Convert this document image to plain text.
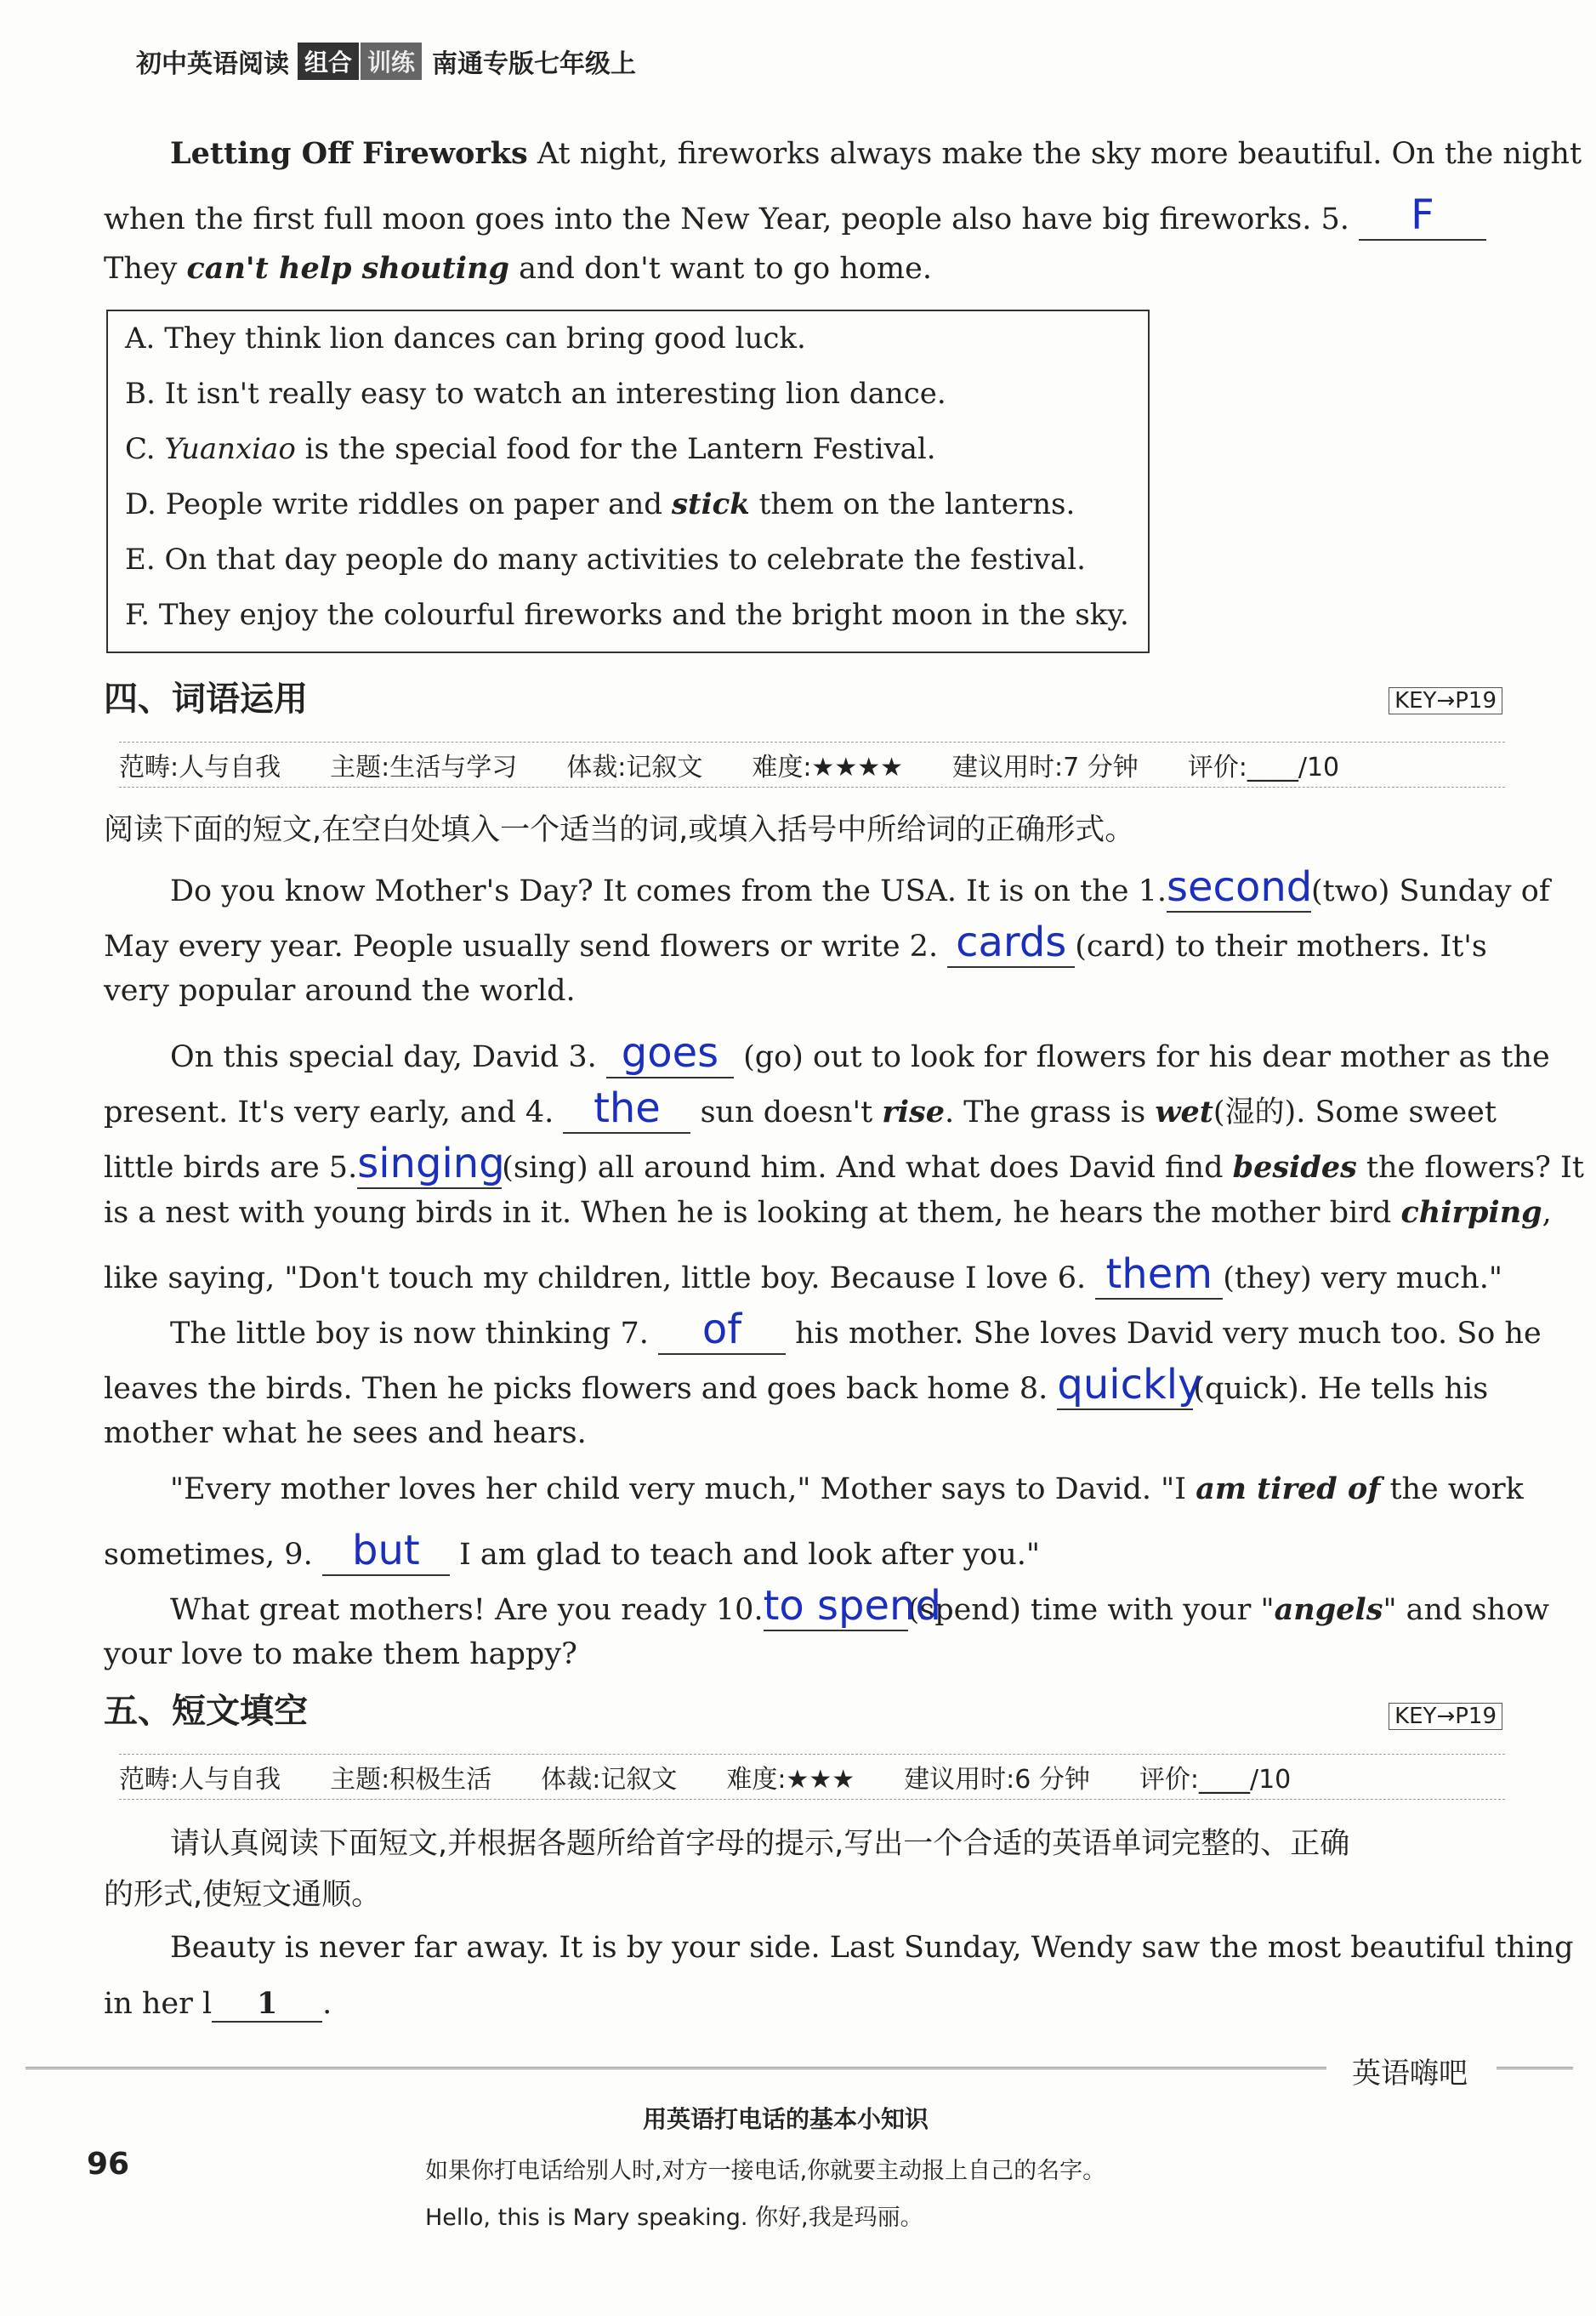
初中英语阅读 组合 训练 南通专版七年级上
Letting Off Fireworks At night, fireworks always make the sky more beautiful. On the night
when the first full moon goes into the New Year, people also have big fireworks. 5. F
They can't help shouting and don't want to go home.
A. They think lion dances can bring good luck.
B. It isn't really easy to watch an interesting lion dance.
C. Yuanxiao is the special food for the Lantern Festival.
D. People write riddles on paper and stick them on the lanterns.
E. On that day people do many activities to celebrate the festival.
F. They enjoy the colourful fireworks and the bright moon in the sky.
四、词语运用	KEY→P19
范畴:人与自我 主题:生活与学习 体裁:记叙文 难度:★★★★ 建议用时:7 分钟 评价:____/10
阅读下面的短文,在空白处填入一个适当的词,或填入括号中所给词的正确形式。
Do you know Mother's Day? It comes from the USA. It is on the 1.second(two) Sunday of
May every year. People usually send flowers or write 2. cards (card) to their mothers. It's
very popular around the world.
On this special day, David 3. goes (go) out to look for flowers for his dear mother as the
present. It's very early, and 4. the sun doesn't rise. The grass is wet(湿的). Some sweet
little birds are 5.singing(sing) all around him. And what does David find besides the flowers? It
is a nest with young birds in it. When he is looking at them, he hears the mother bird chirping,
like saying, "Don't touch my children, little boy. Because I love 6. them (they) very much."
The little boy is now thinking 7. of his mother. She loves David very much too. So he
leaves the birds. Then he picks flowers and goes back home 8. quickly(quick). He tells his
mother what he sees and hears.
"Every mother loves her child very much," Mother says to David. "I am tired of the work
sometimes, 9. but I am glad to teach and look after you."
What great mothers! Are you ready 10.to spend(spend) time with your "angels" and show
your love to make them happy?
五、短文填空	KEY→P19
范畴:人与自我 主题:积极生活 体裁:记叙文 难度:★★★ 建议用时:6 分钟 评价:____/10
请认真阅读下面短文,并根据各题所给首字母的提示,写出一个合适的英语单词完整的、正确
的形式,使短文通顺。
Beauty is never far away. It is by your side. Last Sunday, Wendy saw the most beautiful thing
in her l 1 .
英语嗨吧
用英语打电话的基本小知识
96	如果你打电话给别人时,对方一接电话,你就要主动报上自己的名字。
Hello, this is Mary speaking. 你好,我是玛丽。
